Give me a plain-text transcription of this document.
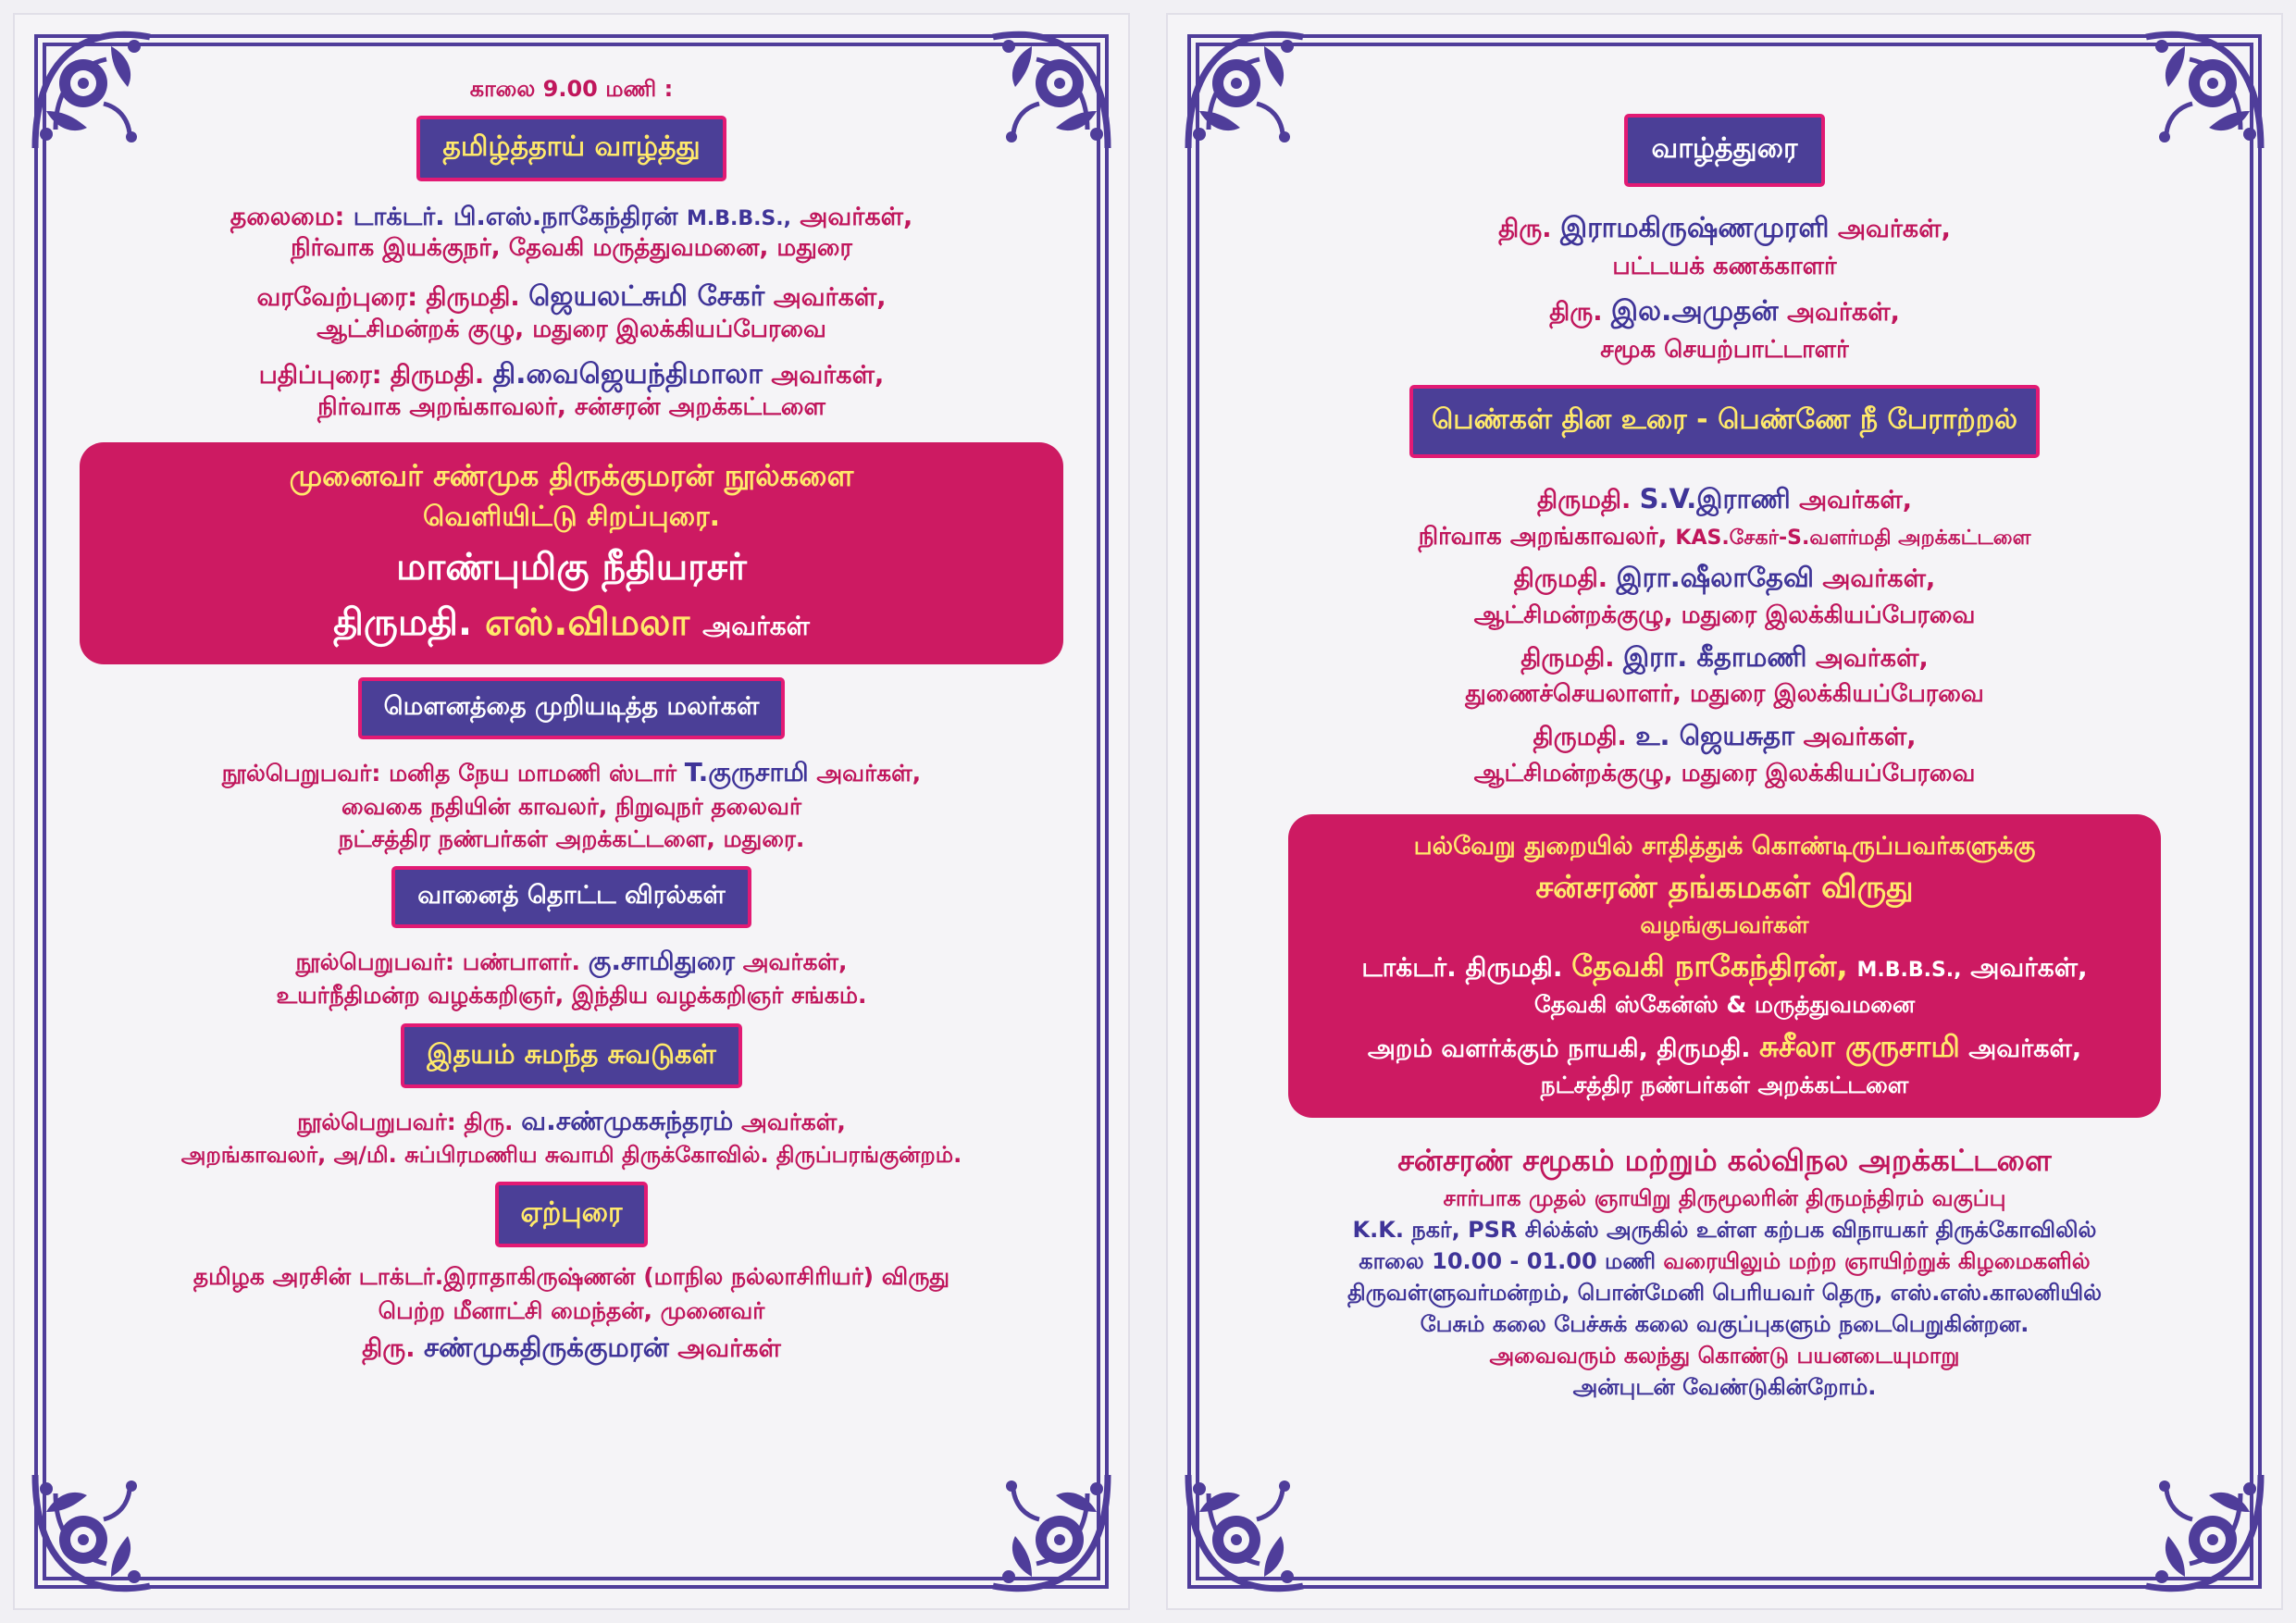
காலை 9.00 மணி :
தமிழ்த்தாய் வாழ்த்து
தலைமை: டாக்டர். பி.எஸ்.நாகேந்திரன் M.B.B.S., அவர்கள்,
நிர்வாக இயக்குநர், தேவகி மருத்துவமனை, மதுரை
வரவேற்புரை: திருமதி. ஜெயலட்சுமி சேகர் அவர்கள்,
ஆட்சிமன்றக் குழு, மதுரை இலக்கியப்பேரவை
பதிப்புரை: திருமதி. தி.வைஜெயந்திமாலா அவர்கள்,
நிர்வாக அறங்காவலர், சன்சரன் அறக்கட்டளை
முனைவர் சண்முக திருக்குமரன் நூல்களை
வெளியிட்டு சிறப்புரை.
மாண்புமிகு நீதியரசர்
திருமதி. எஸ்.விமலா அவர்கள்
மௌனத்தை முறியடித்த மலர்கள்
நூல்பெறுபவர்: மனித நேய மாமணி ஸ்டார் T.குருசாமி அவர்கள்,
வைகை நதியின் காவலர், நிறுவுநர் தலைவர்
நட்சத்திர நண்பர்கள் அறக்கட்டளை, மதுரை.
வானைத் தொட்ட விரல்கள்
நூல்பெறுபவர்: பண்பாளர். கு.சாமிதுரை அவர்கள்,
உயர்நீதிமன்ற வழக்கறிஞர், இந்திய வழக்கறிஞர் சங்கம்.
இதயம் சுமந்த சுவடுகள்
நூல்பெறுபவர்: திரு. வ.சண்முகசுந்தரம் அவர்கள்,
அறங்காவலர், அ/மி. சுப்பிரமணிய சுவாமி திருக்கோவில். திருப்பரங்குன்றம்.
ஏற்புரை
தமிழக அரசின் டாக்டர்.இராதாகிருஷ்ணன் (மாநில நல்லாசிரியர்) விருது
பெற்ற மீனாட்சி மைந்தன், முனைவர்
திரு. சண்முகதிருக்குமரன் அவர்கள்
வாழ்த்துரை
திரு. இராமகிருஷ்ணமுரளி அவர்கள்,
பட்டயக் கணக்காளர்
திரு. இல.அமுதன் அவர்கள்,
சமூக செயற்பாட்டாளர்
பெண்கள் தின உரை - பெண்ணே நீ பேராற்றல்
திருமதி. S.V.இராணி அவர்கள்,
நிர்வாக அறங்காவலர், KAS.சேகர்-S.வளர்மதி அறக்கட்டளை
திருமதி. இரா.ஷீலாதேவி அவர்கள்,
ஆட்சிமன்றக்குழு, மதுரை இலக்கியப்பேரவை
திருமதி. இரா. கீதாமணி அவர்கள்,
துணைச்செயலாளர், மதுரை இலக்கியப்பேரவை
திருமதி. உ. ஜெயசுதா அவர்கள்,
ஆட்சிமன்றக்குழு, மதுரை இலக்கியப்பேரவை
பல்வேறு துறையில் சாதித்துக் கொண்டிருப்பவர்களுக்கு
சன்சரண் தங்கமகள் விருது
வழங்குபவர்கள்
டாக்டர். திருமதி. தேவகி நாகேந்திரன், M.B.B.S., அவர்கள்,
தேவகி ஸ்கேன்ஸ் & மருத்துவமனை
அறம் வளர்க்கும் நாயகி, திருமதி. சுசீலா குருசாமி அவர்கள்,
நட்சத்திர நண்பர்கள் அறக்கட்டளை
சன்சரண் சமூகம் மற்றும் கல்விநல அறக்கட்டளை
சார்பாக முதல் ஞாயிறு திருமூலரின் திருமந்திரம் வகுப்பு
K.K. நகர், PSR சில்க்ஸ் அருகில் உள்ள கற்பக விநாயகர் திருக்கோவிலில்
காலை 10.00 - 01.00 மணி வரையிலும் மற்ற ஞாயிற்றுக் கிழமைகளில்
திருவள்ளுவர்மன்றம், பொன்மேனி பெரியவர் தெரு, எஸ்.எஸ்.காலனியில்
பேசும் கலை பேச்சுக் கலை வகுப்புகளும் நடைபெறுகின்றன.
அவைவரும் கலந்து கொண்டு பயனடையுமாறு
அன்புடன் வேண்டுகின்றோம்.
